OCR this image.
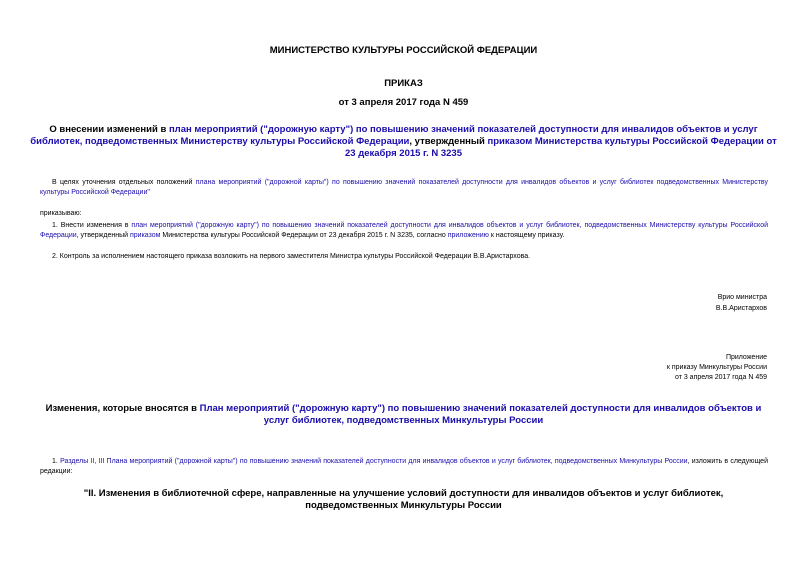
МИНИСТЕРСТВО КУЛЬТУРЫ РОССИЙСКОЙ ФЕДЕРАЦИИ
ПРИКАЗ
от 3 апреля 2017 года N 459
О внесении изменений в план мероприятий ("дорожную карту") по повышению значений показателей доступности для инвалидов объектов и услуг библиотек, подведомственных Министерству культуры Российской Федерации, утвержденный приказом Министерства культуры Российской Федерации от 23 декабря 2015 г. N 3235
В целях уточнения отдельных положений плана мероприятий ("дорожной карты") по повышению значений показателей доступности для инвалидов объектов и услуг библиотек подведомственных Министерству культуры Российской Федерации"
приказываю:
1. Внести изменения в план мероприятий ("дорожную карту") по повышению значений показателей доступности для инвалидов объектов и услуг библиотек, подведомственных Министерству культуры Российской Федерации, утвержденный приказом Министерства культуры Российской Федерации от 23 декабря 2015 г. N 3235, согласно приложению к настоящему приказу.
2. Контроль за исполнением настоящего приказа возложить на первого заместителя Министра культуры Российской Федерации В.В.Аристархова.
Врио министра
В.В.Аристархов
Приложение
к приказу Минкультуры России
от 3 апреля 2017 года N 459
Изменения, которые вносятся в План мероприятий ("дорожную карту") по повышению значений показателей доступности для инвалидов объектов и услуг библиотек, подведомственных Минкультуры России
1. Разделы II, III Плана мероприятий ("дорожной карты") по повышению значений показателей доступности для инвалидов объектов и услуг библиотек, подведомственных Минкультуры России, изложить в следующей редакции:
"II. Изменения в библиотечной сфере, направленные на улучшение условий доступности для инвалидов объектов и услуг библиотек, подведомственных Минкультуры России
